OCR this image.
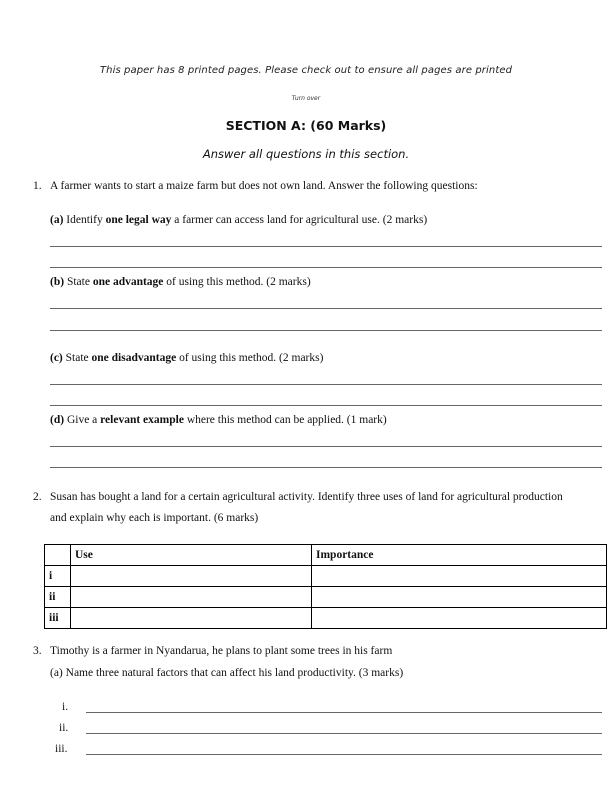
This paper has 8 printed pages. Please check out to ensure all pages are printed
Turn over
SECTION A: (60 Marks)
Answer all questions in this section.
1. A farmer wants to start a maize farm but does not own land. Answer the following questions:
(a) Identify one legal way a farmer can access land for agricultural use. (2 marks)
(b) State one advantage of using this method. (2 marks)
(c) State one disadvantage of using this method. (2 marks)
(d) Give a relevant example where this method can be applied. (1 mark)
2. Susan has bought a land for a certain agricultural activity. Identify three uses of land for agricultural production
and explain why each is important. (6 marks)
	Use	Importance
i		
ii		
iii		
3. Timothy is a farmer in Nyandarua, he plans to plant some trees in his farm
(a) Name three natural factors that can affect his land productivity. (3 marks)
i.
ii.
iii.
